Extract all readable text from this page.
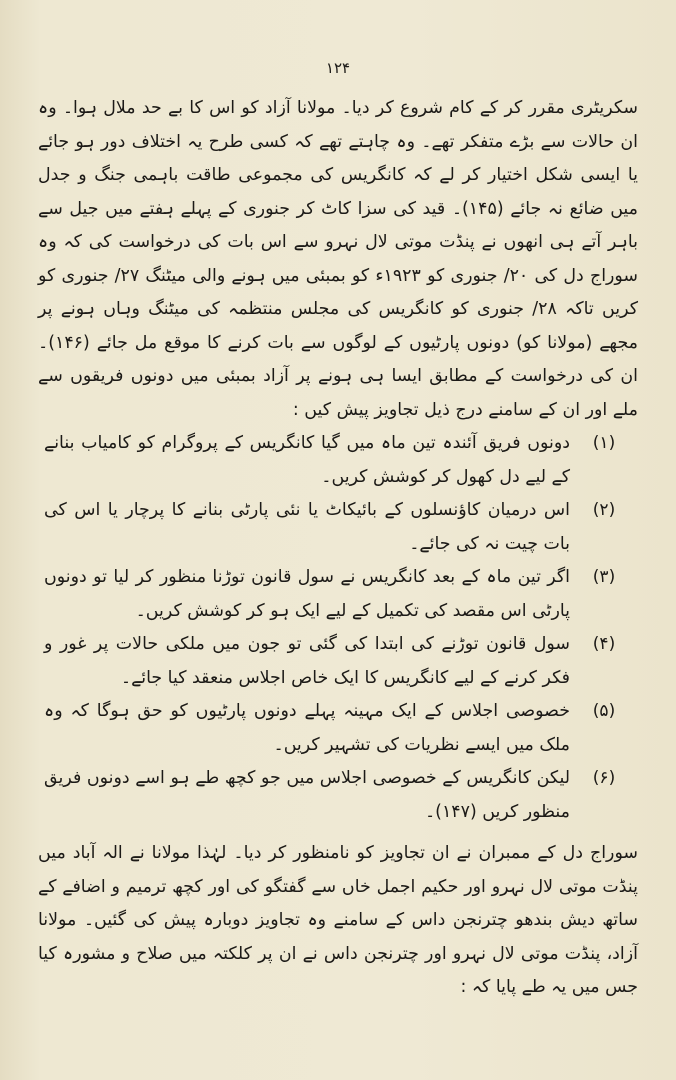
۱۲۴

سکریٹری مقرر کر کے کام شروع کر دیا۔ مولانا آزاد کو اس کا بے حد ملال ہوا۔ وہ ان حالات سے بڑے متفکر تھے۔ وہ چاہتے تھے کہ کسی طرح یہ اختلاف دور ہو جائے یا ایسی شکل اختیار کر لے کہ کانگریس کی مجموعی طاقت باہمی جنگ و جدل میں ضائع نہ جائے (۱۴۵)۔ قید کی سزا کاٹ کر جنوری کے پہلے ہفتے میں جیل سے باہر آتے ہی انھوں نے پنڈت موتی لال نہرو سے اس بات کی درخواست کی کہ وہ سوراج دل کی ۲۰/ جنوری کو ۱۹۲۳ء کو بمبئی میں ہونے والی میٹنگ ۲۷/ جنوری کو کریں تاکہ ۲۸/ جنوری کو کانگریس کی مجلس منتظمہ کی میٹنگ وہاں ہونے پر مجھے (مولانا کو) دونوں پارٹیوں کے لوگوں سے بات کرنے کا موقع مل جائے (۱۴۶)۔ ان کی درخواست کے مطابق ایسا ہی ہونے پر آزاد بمبئی میں دونوں فریقوں سے ملے اور ان کے سامنے درج ذیل تجاویز پیش کیں :

(۱)
دونوں فریق آئندہ تین ماہ میں گیا کانگریس کے پروگرام کو کامیاب بنانے کے لیے دل کھول کر کوشش کریں۔
(۲)
اس درمیان کاؤنسلوں کے بائیکاٹ یا نئی پارٹی بنانے کا پرچار یا اس کی بات چیت نہ کی جائے۔
(۳)
اگر تین ماہ کے بعد کانگریس نے سول قانون توڑنا منظور کر لیا تو دونوں پارٹی اس مقصد کی تکمیل کے لیے ایک ہو کر کوشش کریں۔
(۴)
سول قانون توڑنے کی ابتدا کی گئی تو جون میں ملکی حالات پر غور و فکر کرنے کے لیے کانگریس کا ایک خاص اجلاس منعقد کیا جائے۔
(۵)
خصوصی اجلاس کے ایک مہینہ پہلے دونوں پارٹیوں کو حق ہوگا کہ وہ ملک میں ایسے نظریات کی تشہیر کریں۔
(۶)
لیکن کانگریس کے خصوصی اجلاس میں جو کچھ طے ہو اسے دونوں فریق منظور کریں (۱۴۷)۔

سوراج دل کے ممبران نے ان تجاویز کو نامنظور کر دیا۔ لہٰذا مولانا نے الہ آباد میں پنڈت موتی لال نہرو اور حکیم اجمل خاں سے گفتگو کی اور کچھ ترمیم و اضافے کے ساتھ دیش بندھو چترنجن داس کے سامنے وہ تجاویز دوبارہ پیش کی گئیں۔ مولانا آزاد، پنڈت موتی لال نہرو اور چترنجن داس نے ان پر کلکتہ میں صلاح و مشورہ کیا جس میں یہ طے پایا کہ :
